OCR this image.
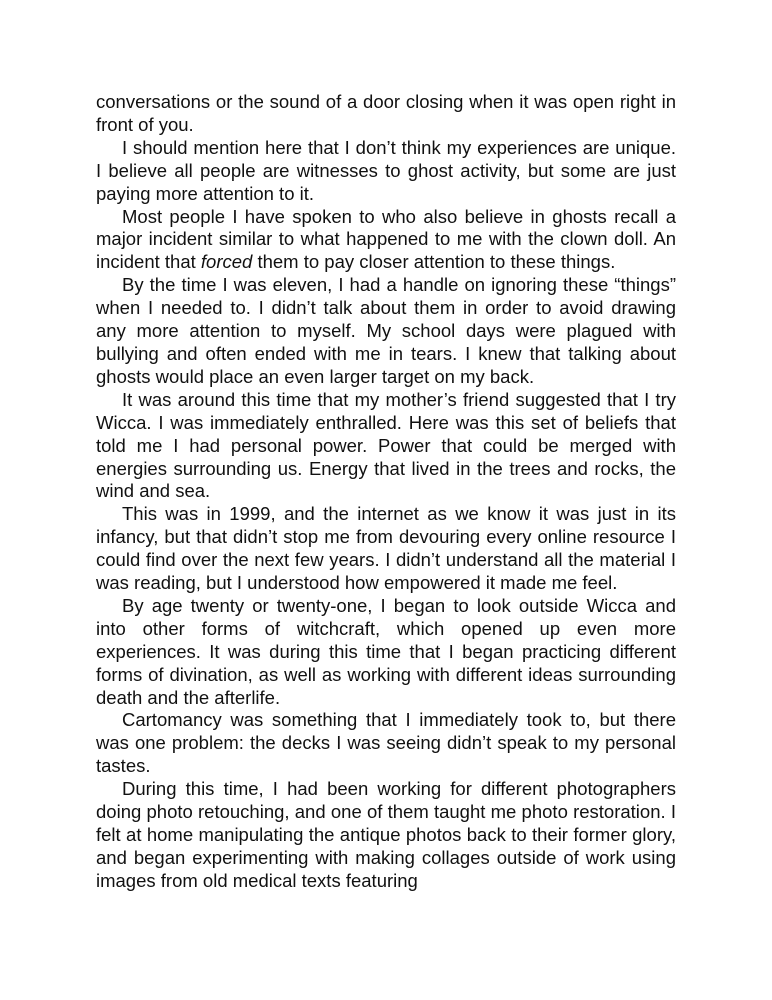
conversations or the sound of a door closing when it was open right in front of you.

I should mention here that I don’t think my experiences are unique. I believe all people are witnesses to ghost activity, but some are just paying more attention to it.

Most people I have spoken to who also believe in ghosts recall a major incident similar to what happened to me with the clown doll. An incident that forced them to pay closer attention to these things.

By the time I was eleven, I had a handle on ignoring these “things” when I needed to. I didn’t talk about them in order to avoid drawing any more attention to myself. My school days were plagued with bullying and often ended with me in tears. I knew that talking about ghosts would place an even larger target on my back.

It was around this time that my mother’s friend suggested that I try Wicca. I was immediately enthralled. Here was this set of beliefs that told me I had personal power. Power that could be merged with energies surrounding us. Energy that lived in the trees and rocks, the wind and sea.

This was in 1999, and the internet as we know it was just in its infancy, but that didn’t stop me from devouring every online resource I could find over the next few years. I didn’t understand all the material I was reading, but I understood how empowered it made me feel.

By age twenty or twenty-one, I began to look outside Wicca and into other forms of witchcraft, which opened up even more experiences. It was during this time that I began practicing different forms of divination, as well as working with different ideas surrounding death and the afterlife.

Cartomancy was something that I immediately took to, but there was one problem: the decks I was seeing didn’t speak to my personal tastes.

During this time, I had been working for different photographers doing photo retouching, and one of them taught me photo restoration. I felt at home manipulating the antique photos back to their former glory, and began experimenting with making collages outside of work using images from old medical texts featuring
